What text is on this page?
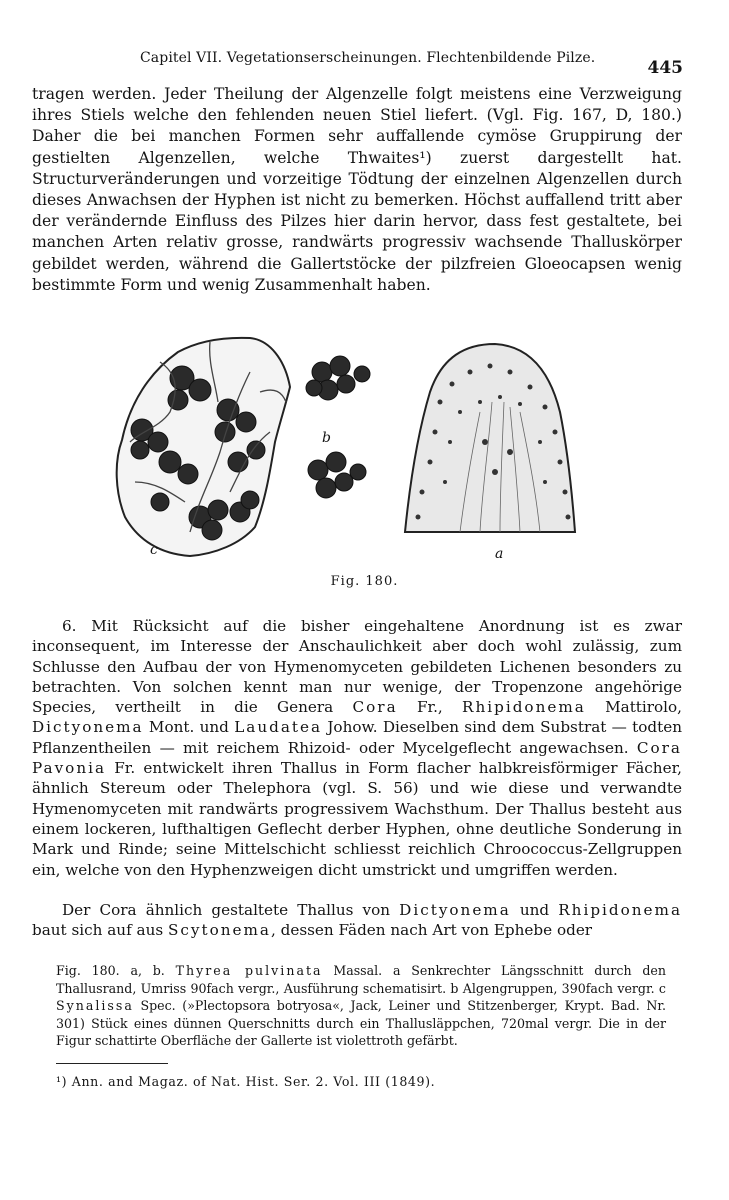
Capitel VII. Vegetationserscheinungen. Flechtenbildende Pilze.	445
tragen werden. Jeder Theilung der Algenzelle folgt meistens eine Verzweigung ihres Stiels welche den fehlenden neuen Stiel liefert. (Vgl. Fig. 167, D, 180.) Daher die bei manchen Formen sehr auffallende cymöse Gruppirung der gestielten Algenzellen, welche Thwaites¹) zuerst dargestellt hat. Structurveränderungen und vorzeitige Tödtung der einzelnen Algenzellen durch dieses Anwachsen der Hyphen ist nicht zu bemerken. Höchst auffallend tritt aber der verändernde Einfluss des Pilzes hier darin hervor, dass fest gestaltete, bei manchen Arten relativ grosse, randwärts progressiv wachsende Thalluskörper gebildet werden, während die Gallertstöcke der pilzfreien Gloeocapsen wenig bestimmte Form und wenig Zusammenhalt haben.
c
b
a
Fig. 180.
6. Mit Rücksicht auf die bisher eingehaltene Anordnung ist es zwar inconsequent, im Interesse der Anschaulichkeit aber doch wohl zulässig, zum Schlusse den Aufbau der von Hymenomyceten gebildeten Lichenen besonders zu betrachten. Von solchen kennt man nur wenige, der Tropenzone angehörige Species, vertheilt in die Genera Cora Fr., Rhipidonema Mattirolo, Dictyonema Mont. und Laudatea Johow. Dieselben sind dem Substrat — todten Pflanzentheilen — mit reichem Rhizoid- oder Mycelgeflecht angewachsen. Cora Pavonia Fr. entwickelt ihren Thallus in Form flacher halbkreisförmiger Fächer, ähnlich Stereum oder Thelephora (vgl. S. 56) und wie diese und verwandte Hymenomyceten mit randwärts progressivem Wachsthum. Der Thallus besteht aus einem lockeren, lufthaltigen Geflecht derber Hyphen, ohne deutliche Sonderung in Mark und Rinde; seine Mittelschicht schliesst reichlich Chroococcus-Zellgruppen ein, welche von den Hyphenzweigen dicht umstrickt und umgriffen werden.
Der Cora ähnlich gestaltete Thallus von Dictyonema und Rhipidonema baut sich auf aus Scytonema, dessen Fäden nach Art von Ephebe oder
Fig. 180. a, b. Thyrea pulvinata Massal. a Senkrechter Längsschnitt durch den Thallusrand, Umriss 90fach vergr., Ausführung schematisirt. b Algengruppen, 390fach vergr. c Synalissa Spec. (»Plectopsora botryosa«, Jack, Leiner und Stitzenberger, Krypt. Bad. Nr. 301) Stück eines dünnen Querschnitts durch ein Thallusläppchen, 720mal vergr. Die in der Figur schattirte Oberfläche der Gallerte ist violettroth gefärbt.
¹) Ann. and Magaz. of Nat. Hist. Ser. 2. Vol. III (1849).
